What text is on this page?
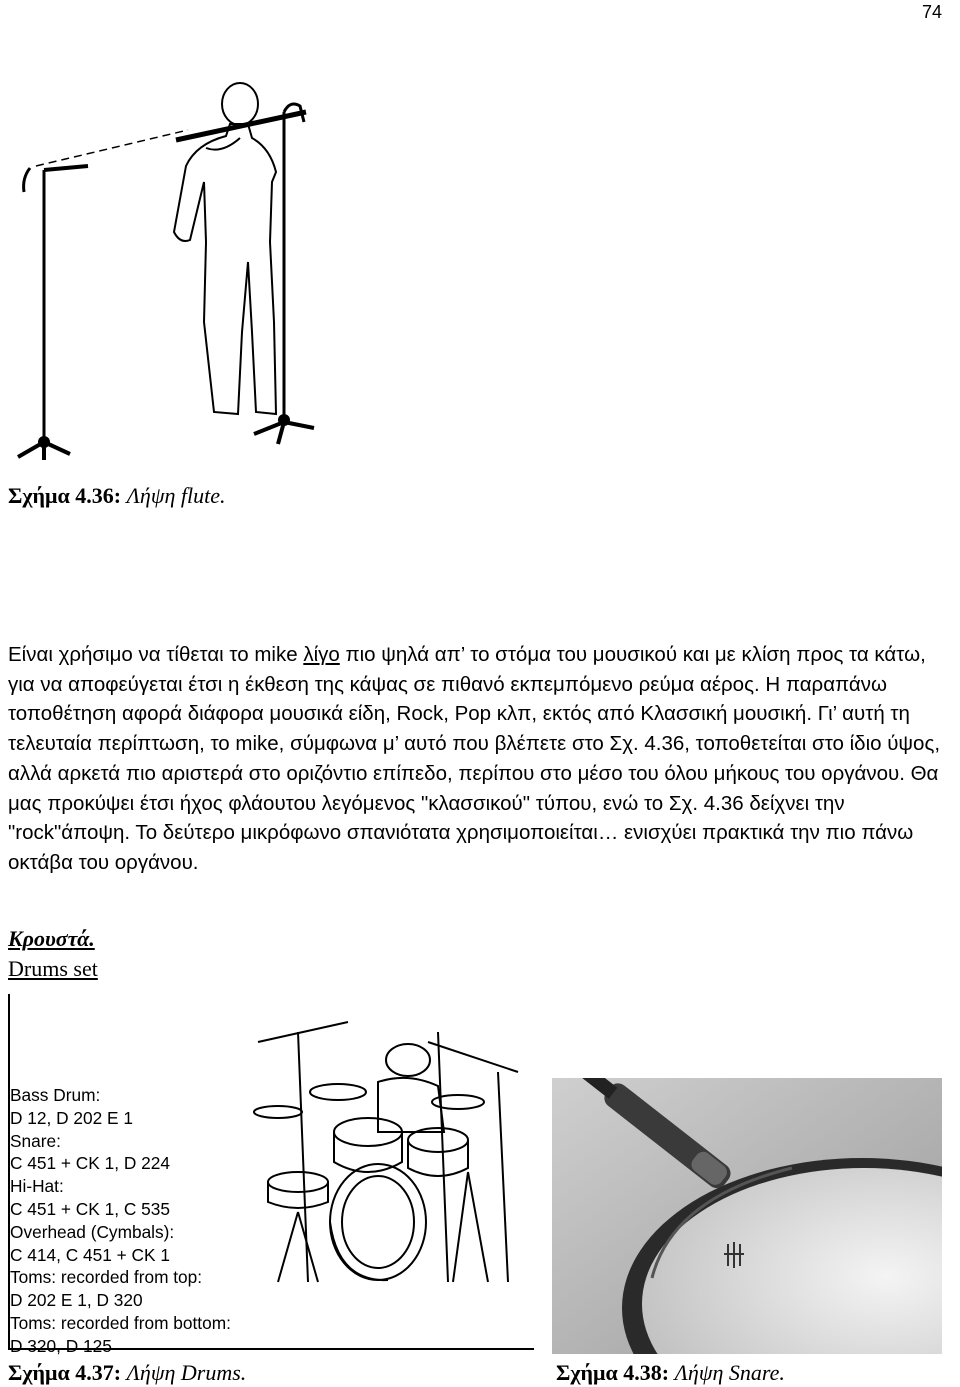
74
Σχήμα 4.36: Λήψη flute.
Είναι χρήσιμο να τίθεται το mike λίγο πιο ψηλά απ’ το στόμα του μουσικού και με κλίση προς τα κάτω, για να αποφεύγεται έτσι η έκθεση της κάψας σε πιθανό εκπεμπόμενο ρεύμα αέρος. Η παραπάνω τοποθέτηση αφορά διάφορα μουσικά είδη, Rock, Pop κλπ, εκτός από Κλασσική μουσική. Γι’ αυτή τη τελευταία περίπτωση, το mike, σύμφωνα μ’ αυτό που βλέπετε στο Σχ. 4.36, τοποθετείται στο ίδιο ύψος, αλλά αρκετά πιο αριστερά στο οριζόντιο επίπεδο, περίπου στο μέσο του όλου μήκους του οργάνου. Θα μας προκύψει έτσι ήχος φλάουτου λεγόμενος "κλασσικού" τύπου, ενώ το Σχ. 4.36 δείχνει την "rock"άποψη. Το δεύτερο μικρόφωνο σπανιότατα χρησιμοποιείται… ενισχύει πρακτικά την πιο πάνω οκτάβα του οργάνου.
Κρουστά.
Drums set
Bass Drum:
D 12, D 202 E 1
Snare:
C 451 + CK 1, D 224
Hi-Hat:
C 451 + CK 1, C 535
Overhead (Cymbals):
C 414, C 451 + CK 1
Toms: recorded from top:
D 202 E 1, D 320
Toms: recorded from bottom:
D 320, D 125
Σχήμα 4.37: Λήψη Drums.	Σχήμα 4.38: Λήψη Snare.
